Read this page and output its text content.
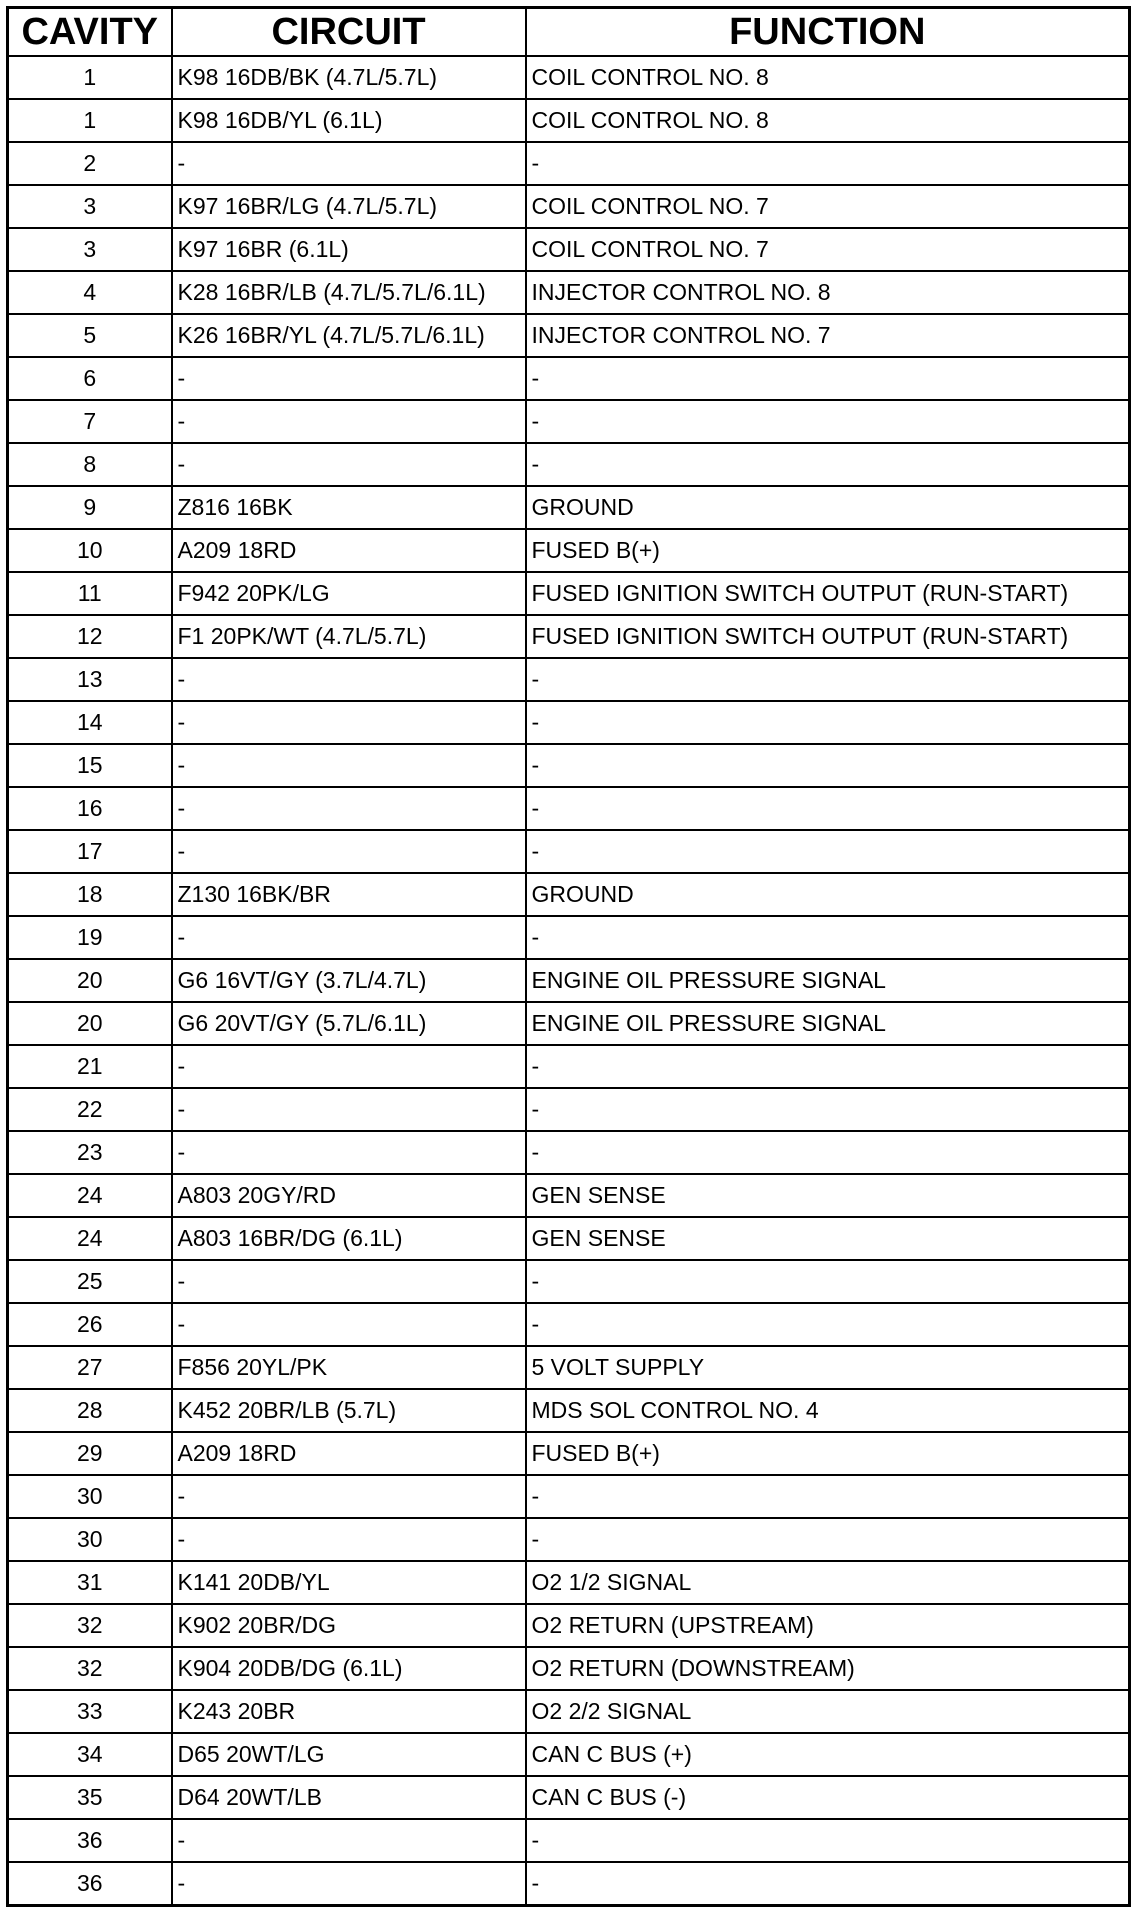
CAVITY	CIRCUIT	FUNCTION
1	K98 16DB/BK (4.7L/5.7L)	COIL CONTROL NO. 8
1	K98 16DB/YL (6.1L)	COIL CONTROL NO. 8
2	-	-
3	K97 16BR/LG (4.7L/5.7L)	COIL CONTROL NO. 7
3	K97 16BR (6.1L)	COIL CONTROL NO. 7
4	K28 16BR/LB (4.7L/5.7L/6.1L)	INJECTOR CONTROL NO. 8
5	K26 16BR/YL (4.7L/5.7L/6.1L)	INJECTOR CONTROL NO. 7
6	-	-
7	-	-
8	-	-
9	Z816 16BK	GROUND
10	A209 18RD	FUSED B(+)
11	F942 20PK/LG	FUSED IGNITION SWITCH OUTPUT (RUN-START)
12	F1 20PK/WT (4.7L/5.7L)	FUSED IGNITION SWITCH OUTPUT (RUN-START)
13	-	-
14	-	-
15	-	-
16	-	-
17	-	-
18	Z130 16BK/BR	GROUND
19	-	-
20	G6 16VT/GY (3.7L/4.7L)	ENGINE OIL PRESSURE SIGNAL
20	G6 20VT/GY (5.7L/6.1L)	ENGINE OIL PRESSURE SIGNAL
21	-	-
22	-	-
23	-	-
24	A803 20GY/RD	GEN SENSE
24	A803 16BR/DG (6.1L)	GEN SENSE
25	-	-
26	-	-
27	F856 20YL/PK	5 VOLT SUPPLY
28	K452 20BR/LB (5.7L)	MDS SOL CONTROL NO. 4
29	A209 18RD	FUSED B(+)
30	-	-
30	-	-
31	K141 20DB/YL	O2 1/2 SIGNAL
32	K902 20BR/DG	O2 RETURN (UPSTREAM)
32	K904 20DB/DG (6.1L)	O2 RETURN (DOWNSTREAM)
33	K243 20BR	O2 2/2 SIGNAL
34	D65 20WT/LG	CAN C BUS (+)
35	D64 20WT/LB	CAN C BUS (-)
36	-	-
36	-	-
